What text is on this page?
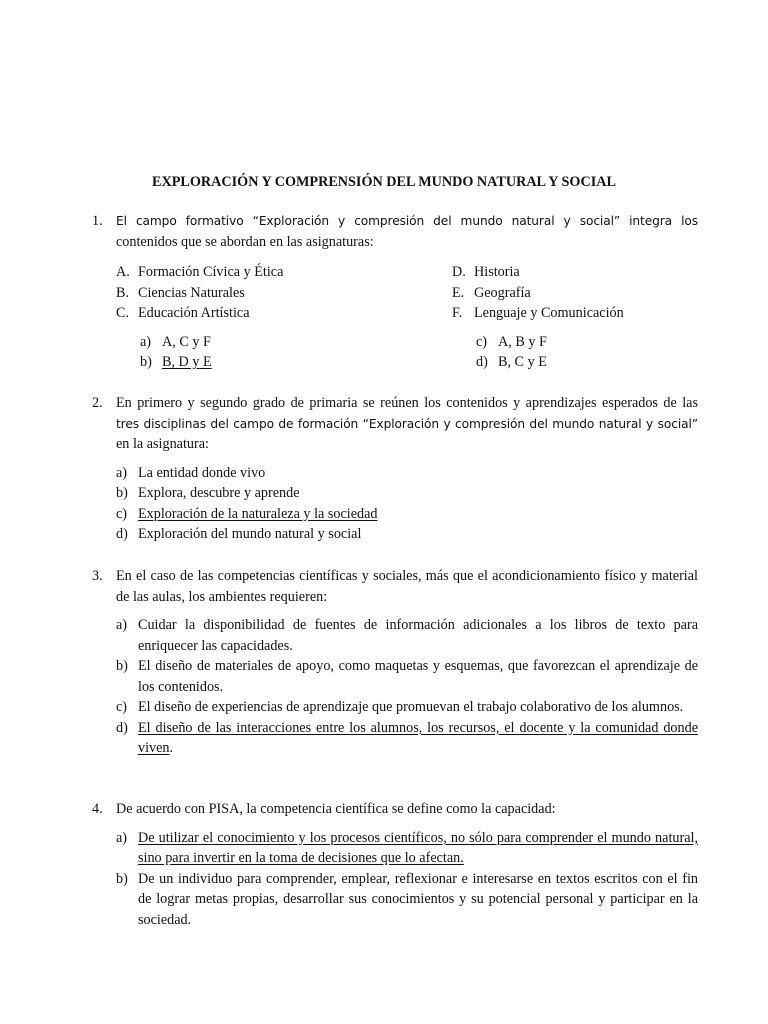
EXPLORACIÓN Y COMPRENSIÓN DEL MUNDO NATURAL Y SOCIAL
1.	El campo formativo “Exploración y compresión del mundo natural y social” integra los
contenidos que se abordan en las asignaturas:
A. Formación Cívica y Ética	D. Historia
B. Ciencias Naturales	E. Geografía
C. Educación Artística	F. Lenguaje y Comunicación
a) A, C y F	c) A, B y F
b) B, D y E	d) B, C y E
2. En primero y segundo grado de primaria se reúnen los contenidos y aprendizajes esperados de las
tres disciplinas del campo de formación “Exploración y compresión del mundo natural y social”
en la asignatura:
a) La entidad donde vivo
b) Explora, descubre y aprende
c) Exploración de la naturaleza y la sociedad
d) Exploración del mundo natural y social
3. En el caso de las competencias científicas y sociales, más que el acondicionamiento físico y material de las aulas, los ambientes requieren:
a) Cuidar la disponibilidad de fuentes de información adicionales a los libros de texto para enriquecer las capacidades.
b) El diseño de materiales de apoyo, como maquetas y esquemas, que favorezcan el aprendizaje de los contenidos.
c) El diseño de experiencias de aprendizaje que promuevan el trabajo colaborativo de los alumnos.
d) El diseño de las interacciones entre los alumnos, los recursos, el docente y la comunidad donde viven.
4. De acuerdo con PISA, la competencia científica se define como la capacidad:
a) De utilizar el conocimiento y los procesos científicos, no sólo para comprender el mundo natural, sino para invertir en la toma de decisiones que lo afectan.
b) De un individuo para comprender, emplear, reflexionar e interesarse en textos escritos con el fin de lograr metas propias, desarrollar sus conocimientos y su potencial personal y participar en la sociedad.
